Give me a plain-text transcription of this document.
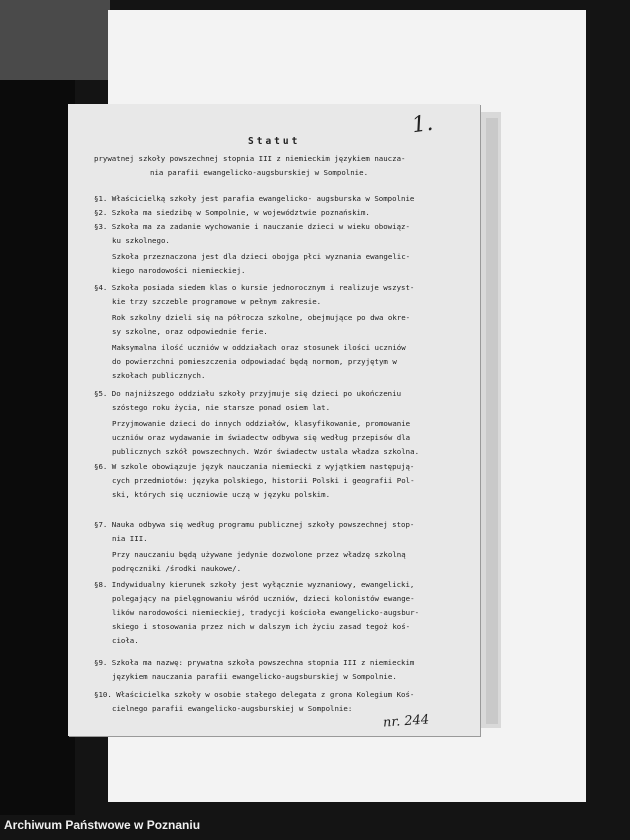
1.
Statut
prywatnej szkoły powszechnej stopnia III z niemieckim językiem naucza-
nia parafii ewangelicko-augsburskiej w Sompolnie.
§1. Właścicielką szkoły jest parafia ewangelicko- augsburska w Sompolnie
§2. Szkoła ma siedzibę w Sompolnie, w województwie poznańskim.
§3. Szkoła ma za zadanie wychowanie i nauczanie dzieci w wieku obowiąz-
ku szkolnego.
Szkoła przeznaczona jest dla dzieci obojga płci wyznania ewangelic-
kiego narodowości niemieckiej.
§4. Szkoła posiada siedem klas o kursie jednorocznym i realizuje wszyst-
kie trzy szczeble programowe w pełnym zakresie.
Rok szkolny dzieli się na półrocza szkolne, obejmujące po dwa okre-
sy szkolne, oraz odpowiednie ferie.
Maksymalna ilość uczniów w oddziałach oraz stosunek ilości uczniów
do powierzchni pomieszczenia odpowiadać będą normom, przyjętym w
szkołach publicznych.
§5. Do najniższego oddziału szkoły przyjmuje się dzieci po ukończeniu
szóstego roku życia, nie starsze ponad osiem lat.
Przyjmowanie dzieci do innych oddziałów, klasyfikowanie, promowanie
uczniów oraz wydawanie im świadectw odbywa się według przepisów dla
publicznych szkół powszechnych. Wzór świadectw ustala władza szkolna.
§6. W szkole obowiązuje język nauczania niemiecki z wyjątkiem następują-
cych przedmiotów: języka polskiego, historii Polski i geografii Pol-
ski, których się uczniowie uczą w języku polskim.
§7. Nauka odbywa się według programu publicznej szkoły powszechnej stop-
nia III.
Przy nauczaniu będą używane jedynie dozwolone przez władzę szkolną
podręczniki /środki naukowe/.
§8. Indywidualny kierunek szkoły jest wyłącznie wyznaniowy, ewangelicki,
polegający na pielęgnowaniu wśród uczniów, dzieci kolonistów ewange-
lików narodowości niemieckiej, tradycji kościoła ewangelicko-augsbur-
skiego i stosowania przez nich w dalszym ich życiu zasad tegoż koś-
cioła.
§9. Szkoła ma nazwę: prywatna szkoła powszechna stopnia III z niemieckim
językiem nauczania parafii ewangelicko-augsburskiej w Sompolnie.
§10. Właścicielka szkoły w osobie stałego delegata z grona Kolegium Koś-
cielnego parafii ewangelicko-augsburskiej w Sompolnie:
nr. 244
Archiwum Państwowe w Poznaniu
